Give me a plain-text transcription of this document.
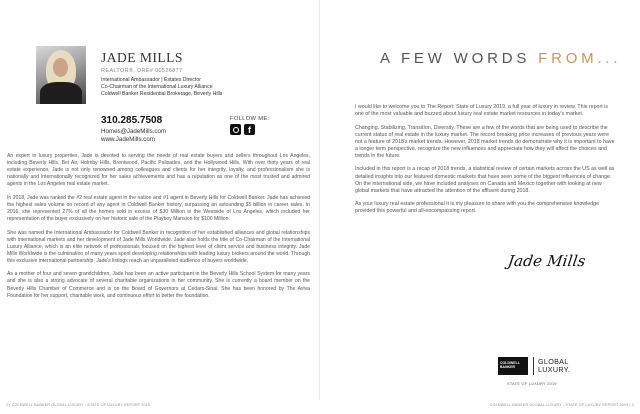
JADE MILLS
REALTOR®, DRE# 00526877
International Ambassador | Estates Director
Co-Chairman of the International Luxury Alliance
Coldwell Banker Residential Brokerage, Beverly Hills
310.285.7508
Homes@JadeMills.com
www.JadeMills.com
FOLLOW ME:
f

An expert in luxury properties, Jade is devoted to serving the needs of real estate buyers and sellers throughout Los Angeles, including Beverly Hills, Bel Air, Holmby Hills, Brentwood, Pacific Palisades, and the Hollywood Hills. With over thirty years of real estate experience, Jade is not only renowned among colleagues and clients for her integrity, loyalty, and professionalism she is nationally and internationally recognized for her sales achievements and has a reputation as one of the most trusted and admired agents in the Los Angeles real estate market.

In 2018, Jade was ranked the #2 real estate agent in the nation and #1 agent in Beverly Hills for Coldwell Banker. Jade has achieved the highest sales volume on record of any agent in Coldwell Banker history, surpassing an astounding $5 billion in career sales. In 2016, she represented 27% of all the homes sold in excess of $30 Million in the Westside of Los Angeles, which included her representation of the buyer exclusively on her historic sale of the Playboy Mansion for $100 Million.

She was named the International Ambassador for Coldwell Banker in recognition of her established alliances and global relationships with international markets and her development of Jade Mills Worldwide. Jade also holds the title of Co-Chairman of the International Luxury Alliance, which is an elite network of professionals focused on the highest level of client service and business integrity. Jade Mills Worldwide is the culmination of many years spent developing relationships with leading luxury brokers around the world. Through this exclusive international partnership, Jade's listings reach an unparalleled audience of buyers worldwide.

As a mother of four and seven grandchildren, Jade has been an active participant in the Beverly Hills School System for many years and she is also a strong advocate of several charitable organizations in her community. She is currently a board member on the Beverly Hills Chamber of Commerce and is on the Board of Governors at Cedars-Sinai. She has been honored by The Aviva Foundation for her support, charitable work, and continuous effort to better the foundation.

A FEW WORDS FROM...

I would like to welcome you to The Report: State of Luxury 2019, a full year of luxury in review. This report is one of the most valuable and buzzed about luxury real estate market resources in today's market.

Changing, Stabilizing, Transition, Diversity. These are a few of the words that are being used to describe the current status of real estate in the luxury market. The record breaking price increases of previous years were not a feature of 2018's market trends. However, 2018 market trends do demonstrate why it is important to have a longer term perspective, recognize the new influences and appreciate how they will affect the choices and trends in the future.

Included in this report is a recap of 2018 trends, a statistical review of certain markets across the US as well as detailed insights into our featured domestic markets that have seen some of the biggest influences of change. On the international side, we have included analyses on Canada and Mexico together with looking at new global markets that have attracted the attention of the affluent during 2018.

As your luxury real estate professional it is my pleasure to share with you the comprehensive knowledge provided this powerful and all-encompassing report.

Jade Mills
COLDWELL BANKER
GLOBAL
LUXURY.
STATE OF LUXURY 2019
2 | COLDWELL BANKER GLOBAL LUXURY - STATE OF LUXURY REPORT 2019	COLDWELL BANKER GLOBAL LUXURY - STATE OF LUXURY REPORT 2019 | 3
